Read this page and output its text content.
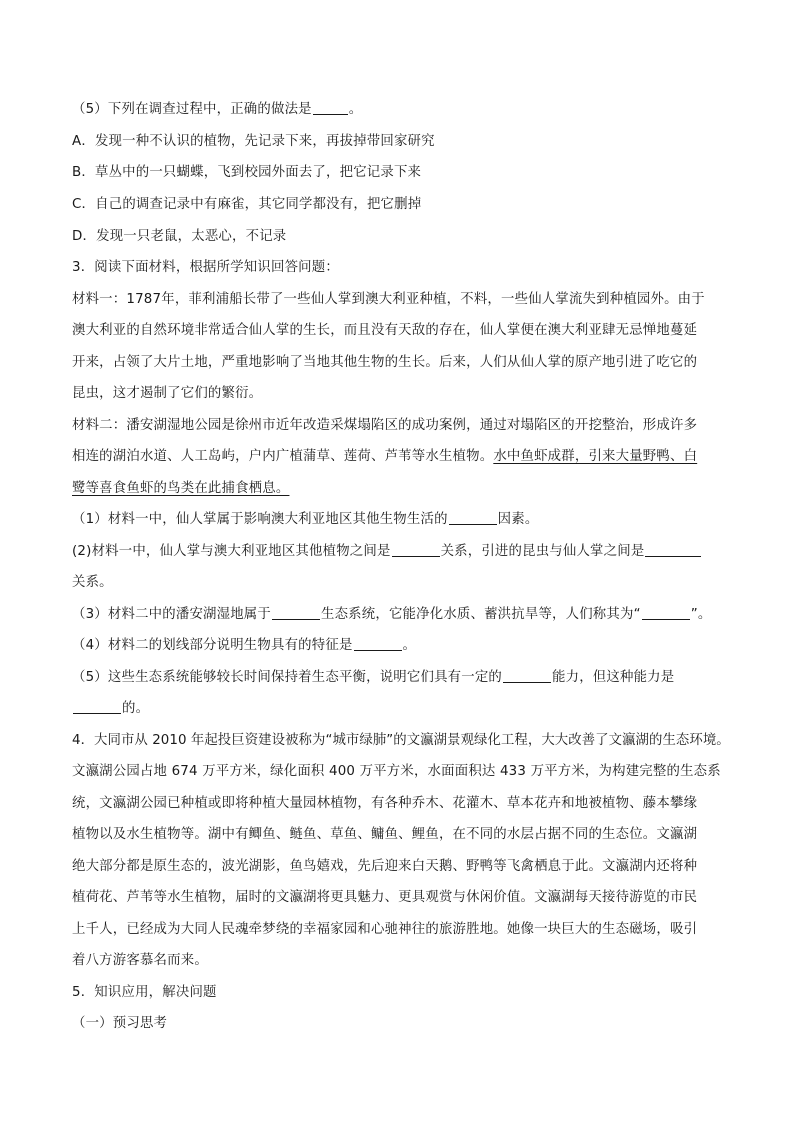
（5）下列在调查过程中，正确的做法是	。
A．发现一种不认识的植物，先记录下来，再拔掉带回家研究
B．草丛中的一只蝴蝶，飞到校园外面去了，把它记录下来
C．自己的调查记录中有麻雀，其它同学都没有，把它删掉
D．发现一只老鼠，太恶心，不记录
3．阅读下面材料，根据所学知识回答问题：
材料一：1787年，菲利浦船长带了一些仙人掌到澳大利亚种植，不料，一些仙人掌流失到种植园外。由于
澳大利亚的自然环境非常适合仙人掌的生长，而且没有天敌的存在，仙人掌便在澳大利亚肆无忌惮地蔓延
开来，占领了大片土地，严重地影响了当地其他生物的生长。后来，人们从仙人掌的原产地引进了吃它的
昆虫，这才遏制了它们的繁衍。
材料二：潘安湖湿地公园是徐州市近年改造采煤塌陷区的成功案例，通过对塌陷区的开挖整治，形成许多
相连的湖泊水道、人工岛屿，户内广植蒲草、莲荷、芦苇等水生植物。水中鱼虾成群，引来大量野鸭、白
鹭等喜食鱼虾的鸟类在此捕食栖息。
（1）材料一中，仙人掌属于影响澳大利亚地区其他生物生活的	因素。
(2)材料一中，仙人掌与澳大利亚地区其他植物之间是	关系，引进的昆虫与仙人掌之间是
关系。
（3）材料二中的潘安湖湿地属于	生态系统，它能净化水质、蓄洪抗旱等，人们称其为“	”。
（4）材料二的划线部分说明生物具有的特征是	。
（5）这些生态系统能够较长时间保持着生态平衡，说明它们具有一定的	能力，但这种能力是
的。
4．大同市从 2010 年起投巨资建设被称为“城市绿肺”的文瀛湖景观绿化工程，大大改善了文瀛湖的生态环境。
文瀛湖公园占地 674 万平方米，绿化面积 400 万平方米，水面面积达 433 万平方米，为构建完整的生态系
统，文瀛湖公园已种植或即将种植大量园林植物，有各种乔木、花灌木、草本花卉和地被植物、藤本攀缘
植物以及水生植物等。湖中有鲫鱼、鲢鱼、草鱼、鳙鱼、鲤鱼，在不同的水层占据不同的生态位。文瀛湖
绝大部分都是原生态的，波光湖影，鱼鸟嬉戏，先后迎来白天鹅、野鸭等飞禽栖息于此。文瀛湖内还将种
植荷花、芦苇等水生植物，届时的文瀛湖将更具魅力、更具观赏与休闲价值。文瀛湖每天接待游览的市民
上千人，已经成为大同人民魂牵梦绕的幸福家园和心驰神往的旅游胜地。她像一块巨大的生态磁场，吸引
着八方游客慕名而来。
5．知识应用，解决问题
（一）预习思考
